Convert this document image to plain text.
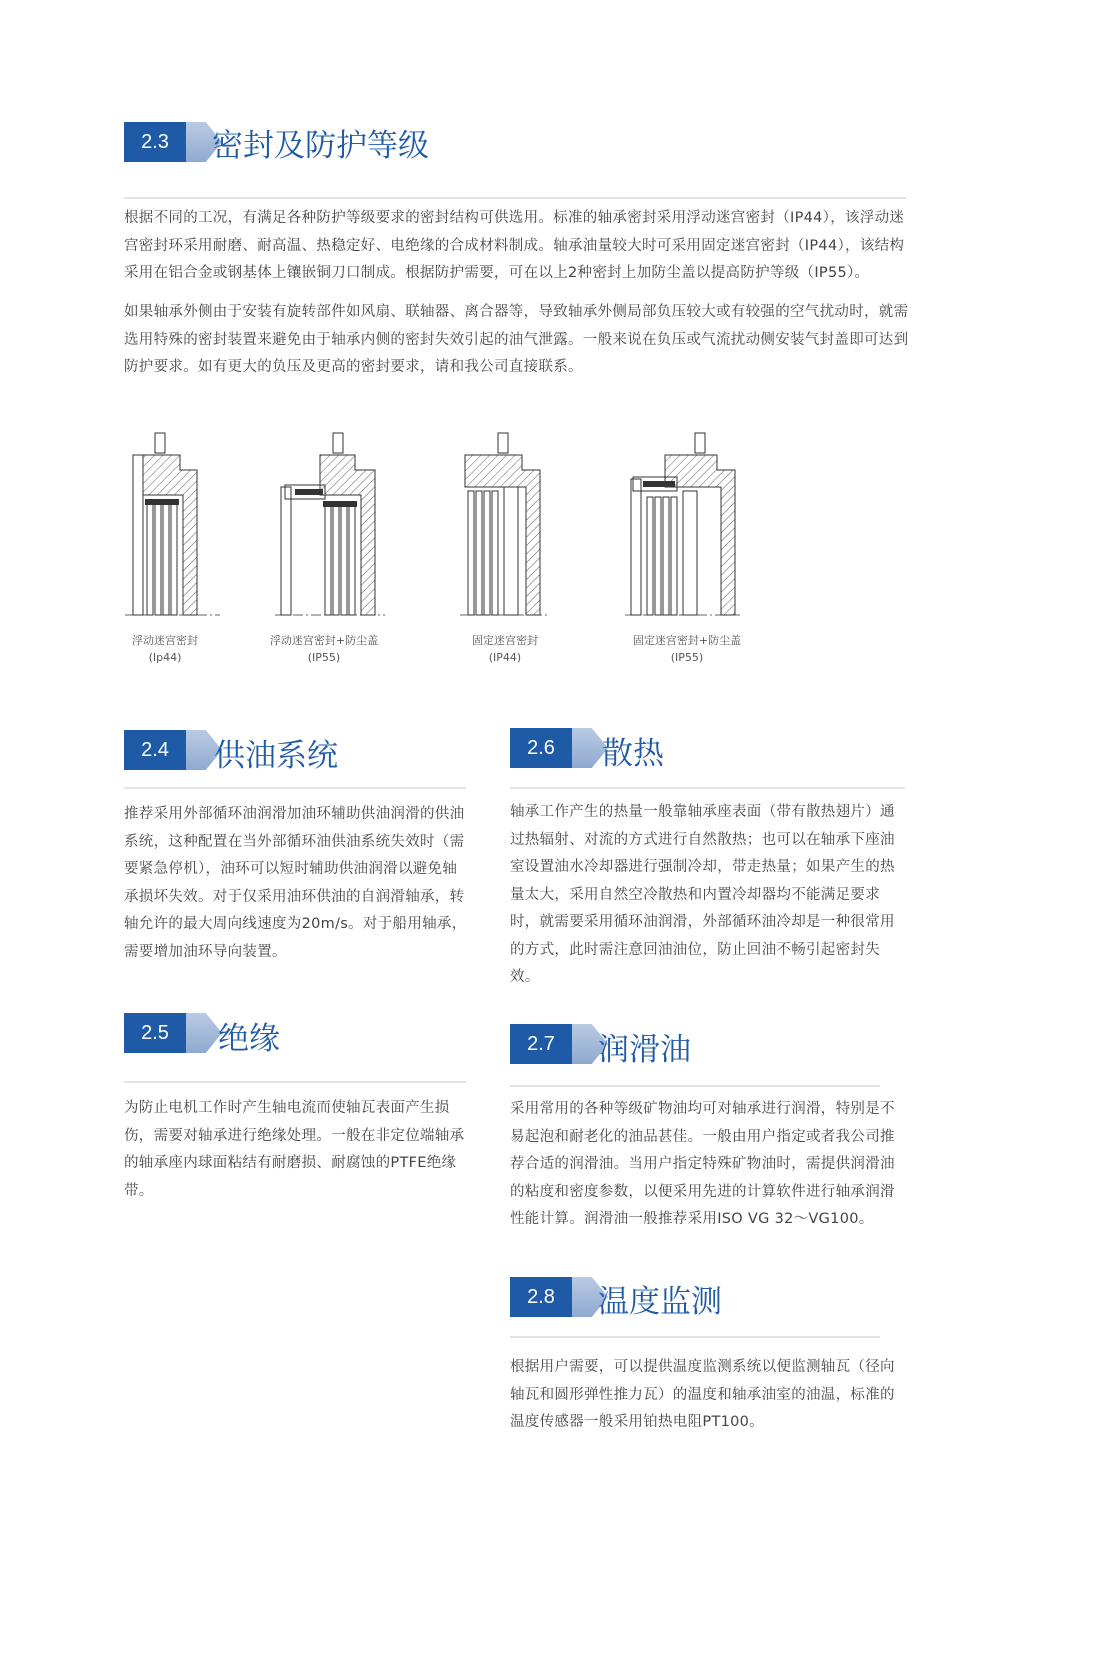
2.3	密封及防护等级
根据不同的工况，有满足各种防护等级要求的密封结构可供选用。标准的轴承密封采用浮动迷宫密封（IP44），该浮动迷宫密封环采用耐磨、耐高温、热稳定好、电绝缘的合成材料制成。轴承油量较大时可采用固定迷宫密封（IP44），该结构采用在铝合金或钢基体上镶嵌铜刀口制成。根据防护需要，可在以上2种密封上加防尘盖以提高防护等级（IP55）。
如果轴承外侧由于安装有旋转部件如风扇、联轴器、离合器等，导致轴承外侧局部负压较大或有较强的空气扰动时，就需选用特殊的密封装置来避免由于轴承内侧的密封失效引起的油气泄露。一般来说在负压或气流扰动侧安装气封盖即可达到防护要求。如有更大的负压及更高的密封要求，请和我公司直接联系。
浮动迷宫密封
(Ip44)
浮动迷宫密封+防尘盖
(IP55)
固定迷宫密封
(IP44)
固定迷宫密封+防尘盖
(IP55)
2.4	供油系统
推荐采用外部循环油润滑加油环辅助供油润滑的供油系统，这种配置在当外部循环油供油系统失效时（需要紧急停机），油环可以短时辅助供油润滑以避免轴承损坏失效。对于仅采用油环供油的自润滑轴承，转轴允许的最大周向线速度为20m/s。对于船用轴承，需要增加油环导向装置。
2.5	绝缘
为防止电机工作时产生轴电流而使轴瓦表面产生损伤，需要对轴承进行绝缘处理。一般在非定位端轴承的轴承座内球面粘结有耐磨损、耐腐蚀的PTFE绝缘带。
2.6	散热
轴承工作产生的热量一般靠轴承座表面（带有散热翅片）通过热辐射、对流的方式进行自然散热；也可以在轴承下座油室设置油水冷却器进行强制冷却，带走热量；如果产生的热量太大，采用自然空冷散热和内置冷却器均不能满足要求时，就需要采用循环油润滑，外部循环油冷却是一种很常用的方式，此时需注意回油油位，防止回油不畅引起密封失效。
2.7	润滑油
采用常用的各种等级矿物油均可对轴承进行润滑，特别是不易起泡和耐老化的油品甚佳。一般由用户指定或者我公司推荐合适的润滑油。当用户指定特殊矿物油时，需提供润滑油的粘度和密度参数，以便采用先进的计算软件进行轴承润滑性能计算。润滑油一般推荐采用ISO VG 32～VG100。
2.8	温度监测
根据用户需要，可以提供温度监测系统以便监测轴瓦（径向轴瓦和圆形弹性推力瓦）的温度和轴承油室的油温，标准的温度传感器一般采用铂热电阻PT100。
